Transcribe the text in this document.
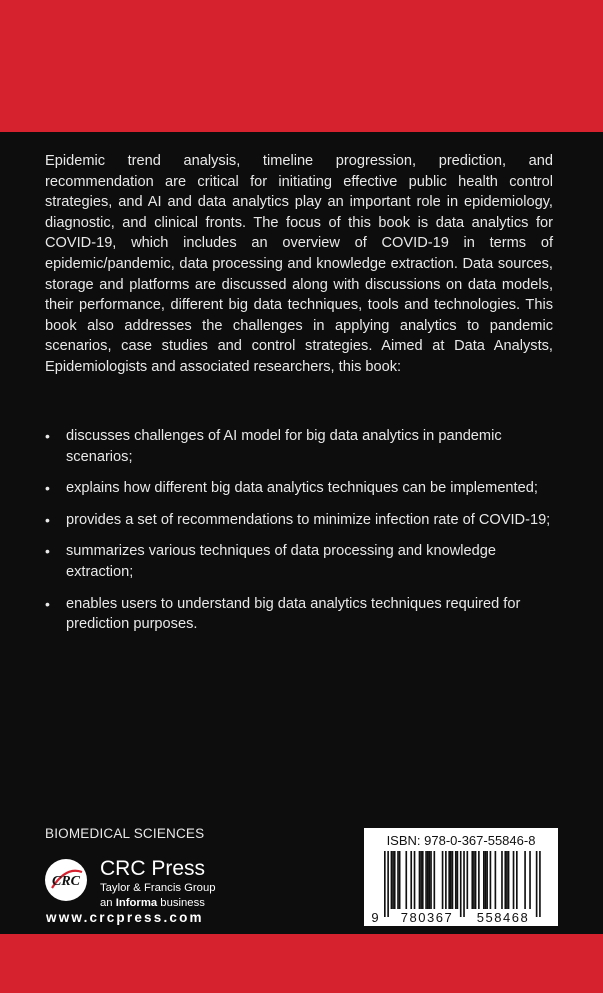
Epidemic trend analysis, timeline progression, prediction, and recommendation are critical for initiating effective public health control strategies, and AI and data analytics play an important role in epidemiology, diagnostic, and clinical fronts. The focus of this book is data analytics for COVID-19, which includes an overview of COVID-19 in terms of epidemic/pandemic, data processing and knowledge extraction. Data sources, storage and platforms are discussed along with discussions on data models, their performance, different big data techniques, tools and technologies. This book also addresses the challenges in applying analytics to pandemic scenarios, case studies and control strategies. Aimed at Data Analysts, Epidemiologists and associated researchers, this book:

• discusses challenges of AI model for big data analytics in pandemic scenarios;
• explains how different big data analytics techniques can be implemented;
• provides a set of recommendations to minimize infection rate of COVID-19;
• summarizes various techniques of data processing and knowledge extraction;
• enables users to understand big data analytics techniques required for prediction purposes.
BIOMEDICAL SCIENCES
CRC
CRC Press
Taylor & Francis Group
an Informa business
www.crcpress.com
ISBN: 978-0-367-55846-8
9 780367 558468
